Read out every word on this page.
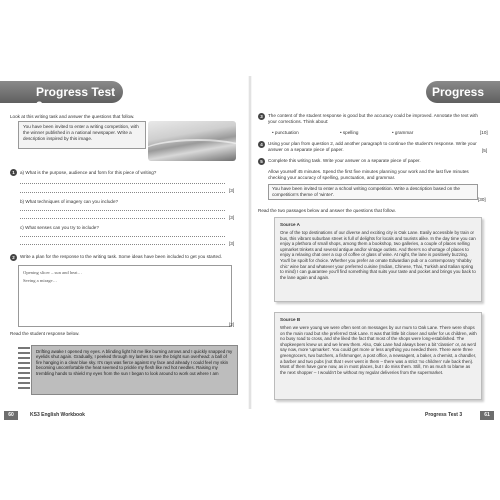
Progress Test 3
Look at this writing task and answer the questions that follow.
You have been invited to enter a writing competition, with the winner published in a national newspaper. Write a description inspired by this image.
1	a) What is the purpose, audience and form for this piece of writing?
[3]
b) What techniques of imagery can you include?
[3]
c) What senses can you try to include?
[3]
2	Write a plan for the response to the writing task. Some ideas have been included to get you started.
Opening slicer – sun and heat…
Seeing a mirage…
[2]
Read the student response below.
Drifting awake I opened my eyes. A blinding light hit me like burning arrows and I quickly snapped my eyelids shut again. Gradually, I peeked through my lashes to see the bright sun overhead: a ball of fire hanging in a clear blue sky. It's rays was fierce against my face and already I could feel my skin becoming uncomfortable the heat seemed to prickle my flesh like red hot needles. Raising my trembling hands to shield my eyes from the sun I began to look around to work out where I am
60	KS3 English Workbook
Progress
3	The content of the student response is good but the accuracy could be improved. Annotate the text with your corrections. Think about:
• punctuation	• spelling	• grammar	[10]
4	Using your plan from question 2, add another paragraph to continue the student's response. Write your answer on a separate piece of paper.	[5]
5	Complete this writing task. Write your answer on a separate piece of paper.
Allow yourself 45 minutes. Spend the first five minutes planning your work and the last five minutes checking your accuracy of spelling, punctuation, and grammar.
You have been invited to enter a school writing competition. Write a description based on the competition's theme of 'winter'.
[30]
Read the two passages below and answer the questions that follow.
Source A
One of the top destinations of our diverse and exciting city is Oak Lane. Easily accessible by train or bus, this vibrant suburban street is full of delights for locals and tourists alike. In the day time you can enjoy a plethora of small shops, among them a bookshop, two galleries, a couple of places selling upmarket trinkets and several antique and/or vintage outlets. And there's no shortage of places to enjoy a relaxing chat over a cup of coffee or glass of wine. At night, the lane is positively buzzing. You'll be spoilt for choice. Whether you prefer an ornate Edwardian pub or a contemporary 'shabby chic' wine bar and whatever your preferred cuisine (Indian, Chinese, Thai, Turkish and Italian spring to mind) I can guarantee you'll find something that suits your taste and pocket and brings you back to the lane again and again.
Source B
When we were young we were often sent on messages by our mum to Oak Lane. There were shops on the main road but she preferred Oak Lane. It was that little bit closer and safer for us children, with no busy road to cross, and she liked the fact that most of the shops were long-established. The shopkeepers knew us and we knew them. Also, Oak Lane had always been a bit 'classier' or, as we'd say now, more 'upmarket'. You could get more or less anything you needed there. There were three greengrocers, two butchers, a fishmonger, a post office, a newsagent, a baker, a chemist, a chandler, a barber and two pubs (not that I ever went in them – there was a strict 'no children' rule back then). Most of them have gone now, as in most places, but I do miss them. Still, I'm as much to blame as the next shopper – I wouldn't be without my regular deliveries from the supermarket.
Progress Test 3	61
